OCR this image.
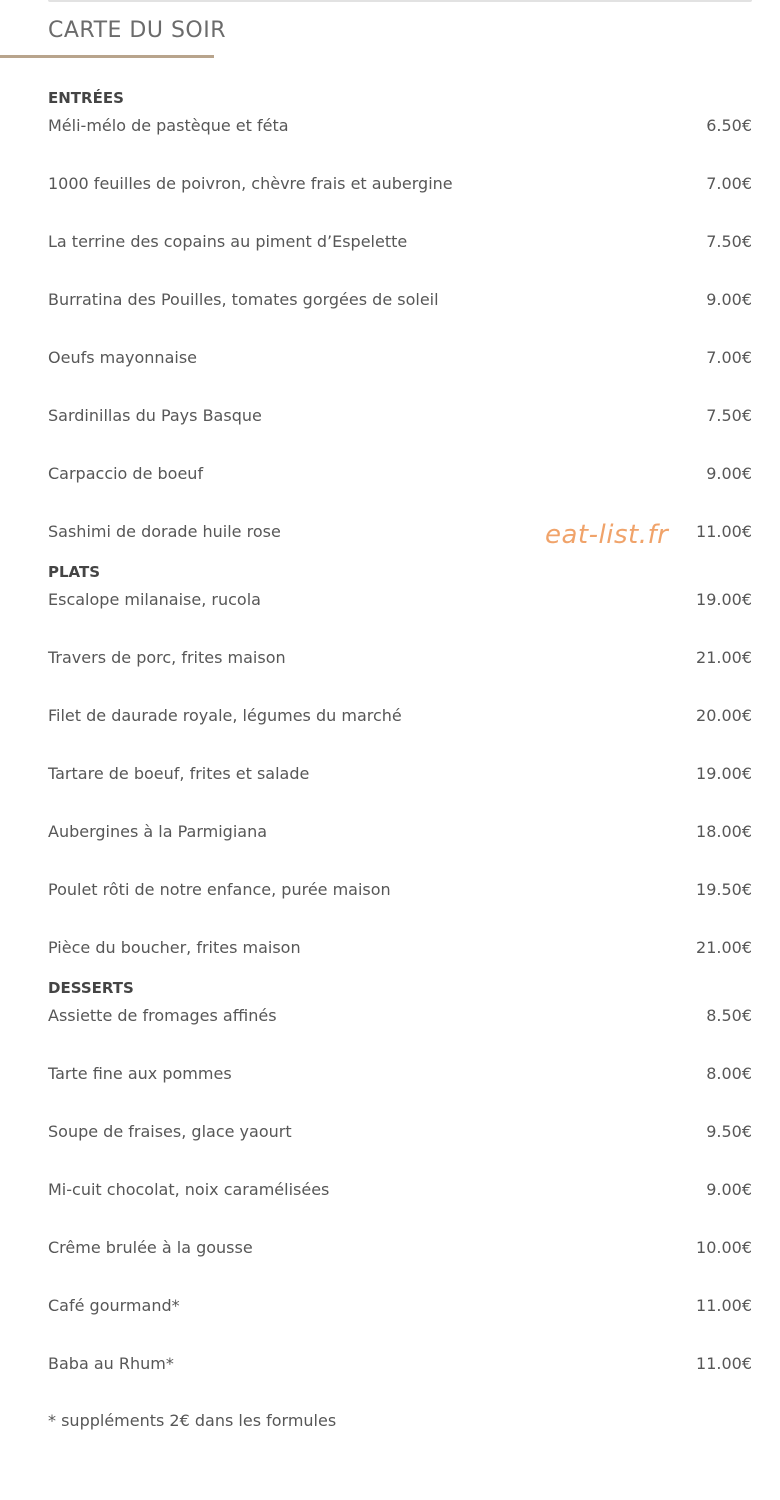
CARTE DU SOIR
ENTRÉES
Méli-mélo de pastèque et féta	6.50€
1000 feuilles de poivron, chèvre frais et aubergine	7.00€
La terrine des copains au piment d’Espelette	7.50€
Burratina des Pouilles, tomates gorgées de soleil	9.00€
Oeufs mayonnaise	7.00€
Sardinillas du Pays Basque	7.50€
Carpaccio de boeuf	9.00€
Sashimi de dorade huile rose	11.00€
PLATS
Escalope milanaise, rucola	19.00€
Travers de porc, frites maison	21.00€
Filet de daurade royale, légumes du marché	20.00€
Tartare de boeuf, frites et salade	19.00€
Aubergines à la Parmigiana	18.00€
Poulet rôti de notre enfance, purée maison	19.50€
Pièce du boucher, frites maison	21.00€
DESSERTS
Assiette de fromages affinés	8.50€
Tarte fine aux pommes	8.00€
Soupe de fraises, glace yaourt	9.50€
Mi-cuit chocolat, noix caramélisées	9.00€
Crême brulée à la gousse	10.00€
Café gourmand*	11.00€
Baba au Rhum*	11.00€

* suppléments 2€ dans les formules

eat-list.fr
